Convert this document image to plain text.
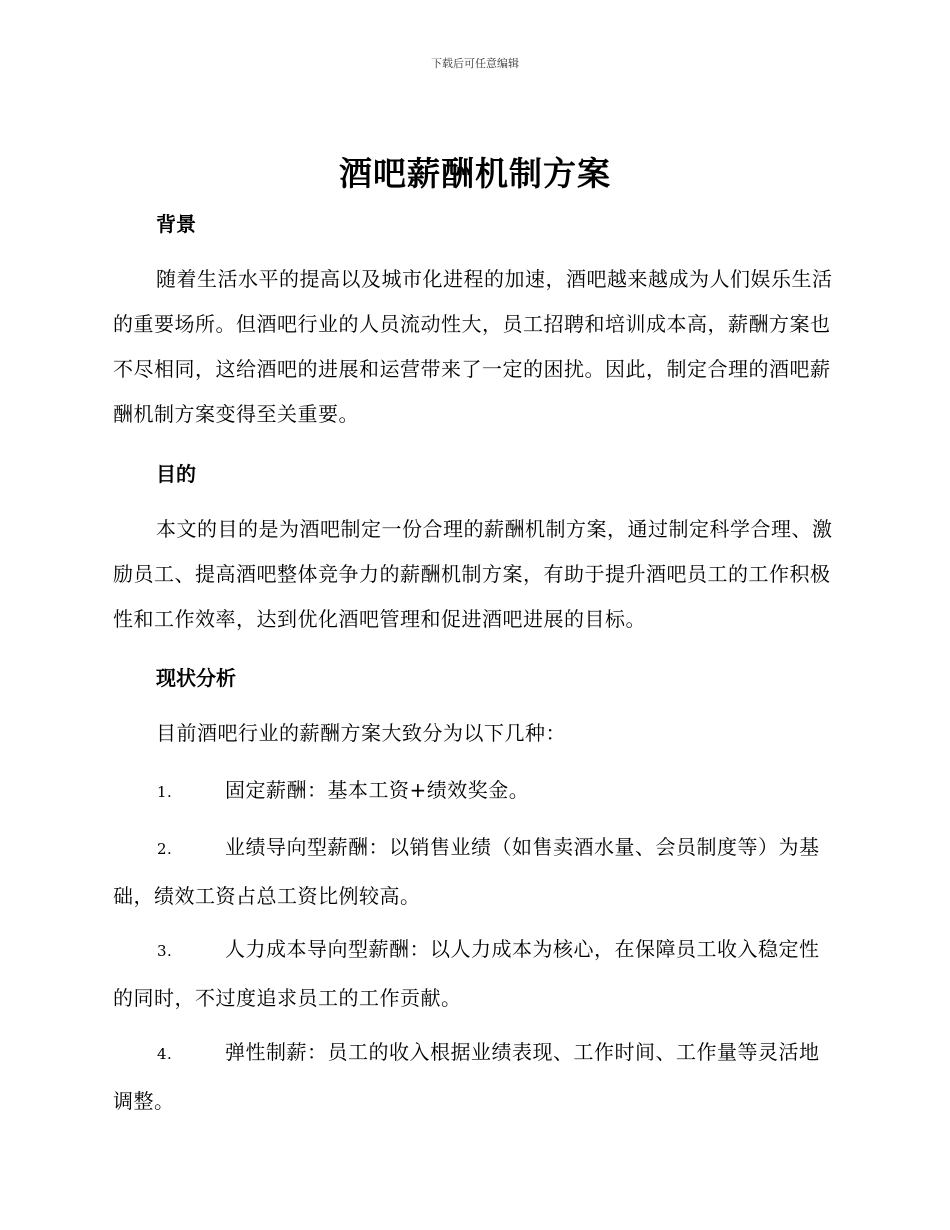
下载后可任意编辑
酒吧薪酬机制方案
背景

随着生活水平的提高以及城市化进程的加速，酒吧越来越成为人们娱乐生活的重要场所。但酒吧行业的人员流动性大，员工招聘和培训成本高，薪酬方案也不尽相同，这给酒吧的进展和运营带来了一定的困扰。因此，制定合理的酒吧薪酬机制方案变得至关重要。

目的

本文的目的是为酒吧制定一份合理的薪酬机制方案，通过制定科学合理、激励员工、提高酒吧整体竞争力的薪酬机制方案，有助于提升酒吧员工的工作积极性和工作效率，达到优化酒吧管理和促进酒吧进展的目标。

现状分析

目前酒吧行业的薪酬方案大致分为以下几种：

1.	固定薪酬：基本工资+绩效奖金。

2.	业绩导向型薪酬：以销售业绩（如售卖酒水量、会员制度等）为基础，绩效工资占总工资比例较高。

3.	人力成本导向型薪酬：以人力成本为核心，在保障员工收入稳定性的同时，不过度追求员工的工作贡献。

4.	弹性制薪：员工的收入根据业绩表现、工作时间、工作量等灵活地调整。
